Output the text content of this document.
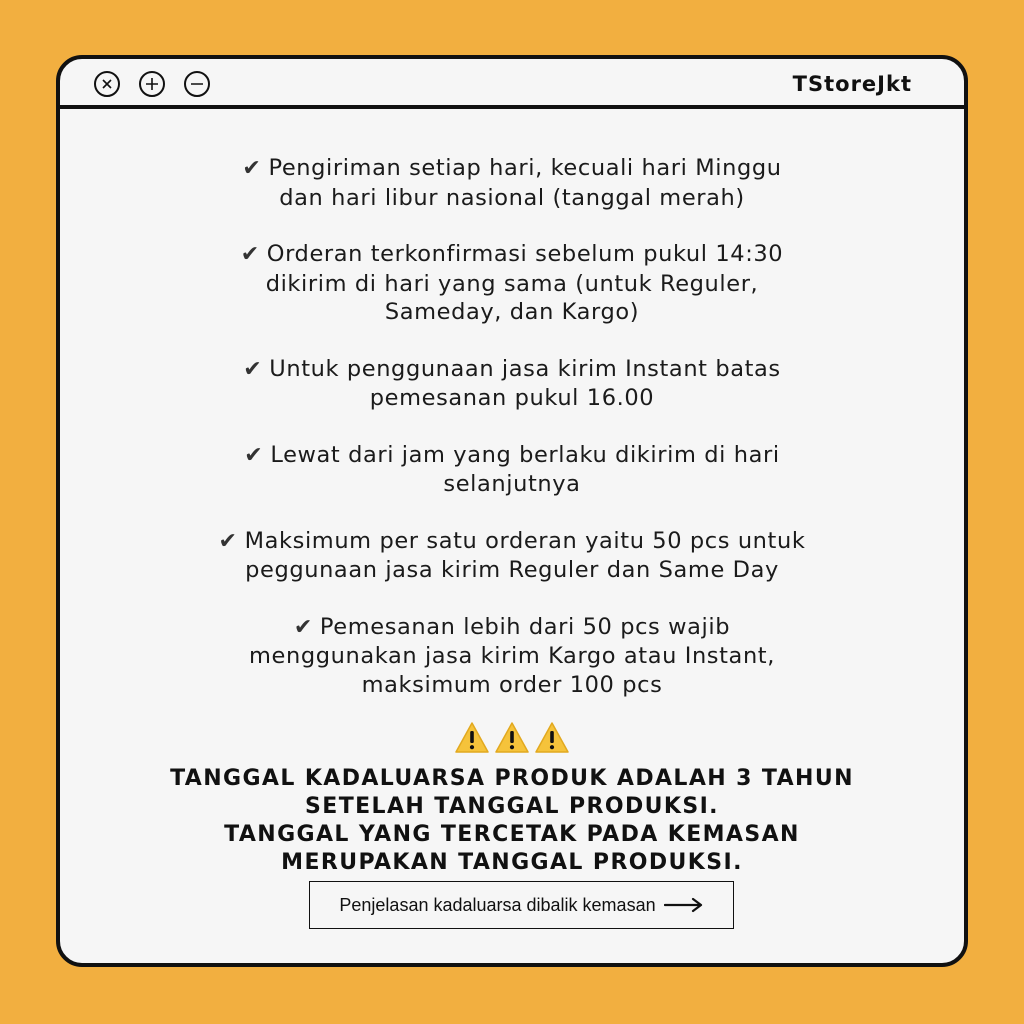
TStoreJkt
✔ Pengiriman setiap hari, kecuali hari Minggu
dan hari libur nasional (tanggal merah)
✔ Orderan terkonfirmasi sebelum pukul 14:30
dikirim di hari yang sama (untuk Reguler,
Sameday, dan Kargo)
✔ Untuk penggunaan jasa kirim Instant batas
pemesanan pukul 16.00
✔ Lewat dari jam yang berlaku dikirim di hari
selanjutnya
✔ Maksimum per satu orderan yaitu 50 pcs untuk
peggunaan jasa kirim Reguler dan Same Day
✔ Pemesanan lebih dari 50 pcs wajib
menggunakan jasa kirim Kargo atau Instant,
maksimum order 100 pcs
TANGGAL KADALUARSA PRODUK ADALAH 3 TAHUN
SETELAH TANGGAL PRODUKSI.
TANGGAL YANG TERCETAK PADA KEMASAN
MERUPAKAN TANGGAL PRODUKSI.
Penjelasan kadaluarsa dibalik kemasan
